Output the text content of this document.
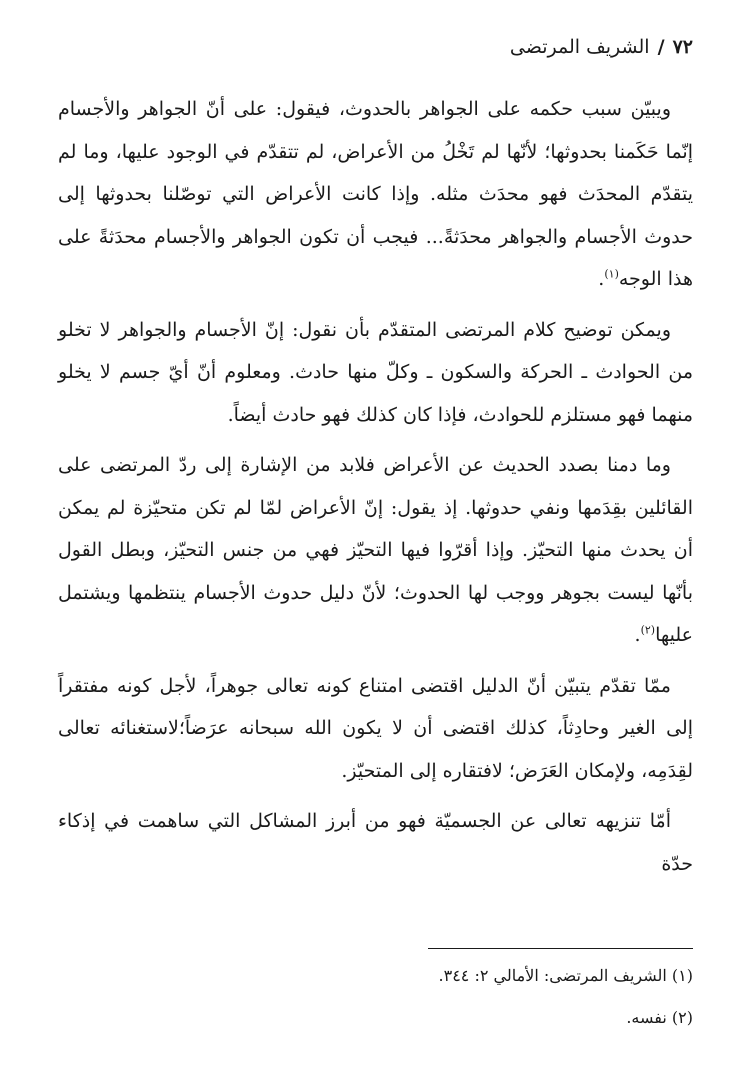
٧٢ / الشريف المرتضى

ويبيّن سبب حكمه على الجواهر بالحدوث، فيقول: على أنّ الجواهر والأجسام إنّما حَكَمنا بحدوثها؛ لأنّها لم تَخْلُ من الأعراض، لم تتقدّم في الوجود عليها، وما لم يتقدّم المحدَث فهو محدَث مثله. وإذا كانت الأعراض التي توصّلنا بحدوثها إلى حدوث الأجسام والجواهر محدَثةً... فيجب أن تكون الجواهر والأجسام محدَثةً على هذا الوجه$^{(١)}$.

ويمكن توضيح كلام المرتضى المتقدّم بأن نقول: إنّ الأجسام والجواهر لا تخلو من الحوادث ـ الحركة والسكون ـ وكلّ منها حادث. ومعلوم أنّ أيّ جسم لا يخلو منهما فهو مستلزم للحوادث، فإذا كان كذلك فهو حادث أيضاً.

وما دمنا بصدد الحديث عن الأعراض فلابد من الإشارة إلى ردّ المرتضى على القائلين بقِدَمها ونفي حدوثها. إذ يقول: إنّ الأعراض لمّا لم تكن متحيّزة لم يمكن أن يحدث منها التحيّز. وإذا أقرّوا فيها التحيّز فهي من جنس التحيّز، وبطل القول بأنّها ليست بجوهر ووجب لها الحدوث؛ لأنّ دليل حدوث الأجسام ينتظمها ويشتمل عليها$^{(٢)}$.

ممّا تقدّم يتبيّن أنّ الدليل اقتضى امتناع كونه تعالى جوهراً، لأجل كونه مفتقراً إلى الغير وحادِثاً، كذلك اقتضى أن لا يكون الله سبحانه عرَضاً؛لاستغنائه تعالى لقِدَمِه، ولإمكان العَرَض؛ لافتقاره إلى المتحيّز.

أمّا تنزيهه تعالى عن الجسميّة فهو من أبرز المشاكل التي ساهمت في إذكاء حدّة

(١) الشريف المرتضى: الأمالي ٢: ٣٤٤.
(٢) نفسه.
